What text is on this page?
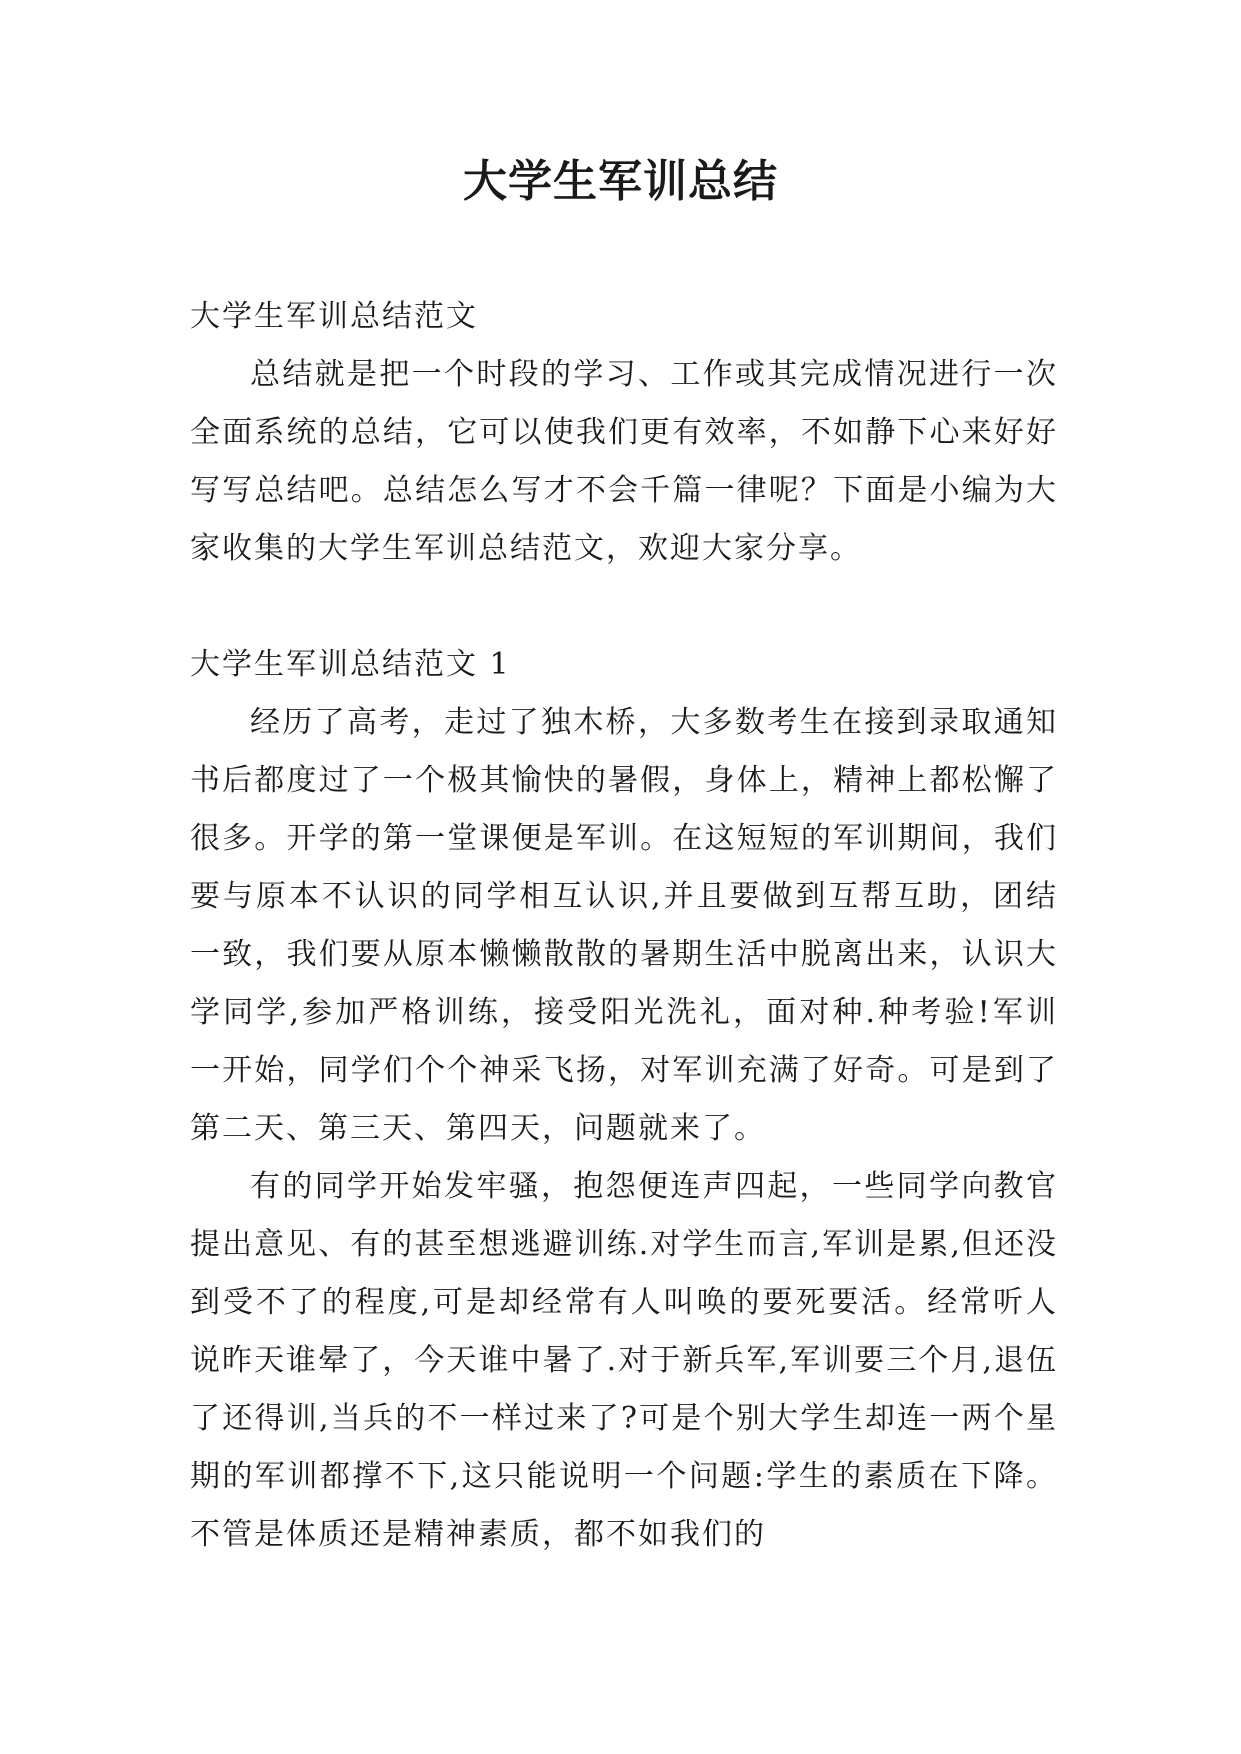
大学生军训总结

大学生军训总结范文

总结就是把一个时段的学习、工作或其完成情况进行一次全面系统的总结，它可以使我们更有效率，不如静下心来好好写写总结吧。总结怎么写才不会千篇一律呢？下面是小编为大家收集的大学生军训总结范文，欢迎大家分享。

大学生军训总结范文 1

经历了高考，走过了独木桥，大多数考生在接到录取通知书后都度过了一个极其愉快的暑假，身体上，精神上都松懈了很多。开学的第一堂课便是军训。在这短短的军训期间，我们要与原本不认识的同学相互认识,并且要做到互帮互助，团结一致，我们要从原本懒懒散散的暑期生活中脱离出来，认识大学同学,参加严格训练，接受阳光洗礼，面对种.种考验!军训一开始，同学们个个神采飞扬，对军训充满了好奇。可是到了第二天、第三天、第四天，问题就来了。

有的同学开始发牢骚，抱怨便连声四起，一些同学向教官提出意见、有的甚至想逃避训练.对学生而言,军训是累,但还没到受不了的程度,可是却经常有人叫唤的要死要活。经常听人说昨天谁晕了，今天谁中暑了.对于新兵军,军训要三个月,退伍了还得训,当兵的不一样过来了?可是个别大学生却连一两个星期的军训都撑不下,这只能说明一个问题:学生的素质在下降。不管是体质还是精神素质，都不如我们的
